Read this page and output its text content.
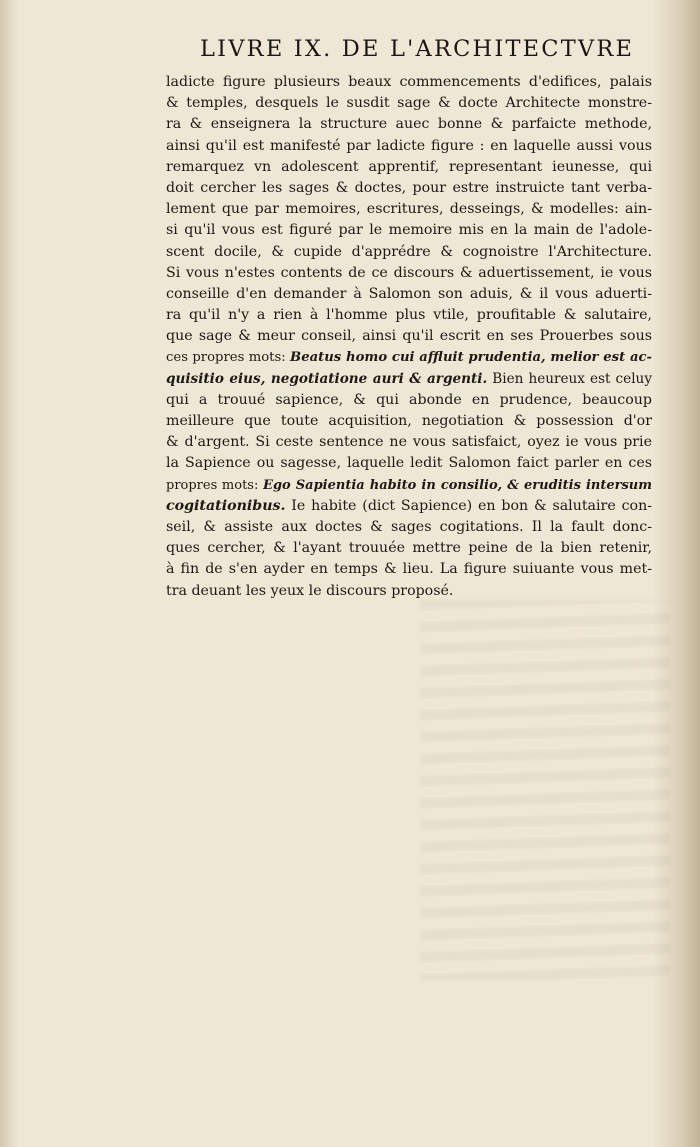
LIVRE IX. DE L'ARCHITECTVRE
ladicte figure plusieurs beaux commencements d'edifices, palais
& temples, desquels le susdit sage & docte Architecte monstre-
ra & enseignera la structure auec bonne & parfaicte methode,
ainsi qu'il est manifesté par ladicte figure : en laquelle aussi vous
remarquez vn adolescent apprentif, representant ieunesse, qui
doit cercher les sages & doctes, pour estre instruicte tant verba-
lement que par memoires, escritures, desseings, & modelles: ain-
si qu'il vous est figuré par le memoire mis en la main de l'adole-
scent docile, & cupide d'apprédre & cognoistre l'Architecture.
Si vous n'estes contents de ce discours & aduertissement, ie vous
conseille d'en demander à Salomon son aduis, & il vous aduerti-
ra qu'il n'y a rien à l'homme plus vtile, proufitable & salutaire,
que sage & meur conseil, ainsi qu'il escrit en ses Prouerbes sous
ces propres mots: Beatus homo cui affluit prudentia, melior est ac-
quisitio eius, negotiatione auri & argenti. Bien heureux est celuy
qui a trouué sapience, & qui abonde en prudence, beaucoup
meilleure que toute acquisition, negotiation & possession d'or
& d'argent. Si ceste sentence ne vous satisfaict, oyez ie vous prie
la Sapience ou sagesse, laquelle ledit Salomon faict parler en ces
propres mots: Ego Sapientia habito in consilio, & eruditis intersum
cogitationibus. Ie habite (dict Sapience) en bon & salutaire con-
seil, & assiste aux doctes & sages cogitations. Il la fault donc-
ques cercher, & l'ayant trouuée mettre peine de la bien retenir,
à fin de s'en ayder en temps & lieu. La figure suiuante vous met-
tra deuant les yeux le discours proposé.
